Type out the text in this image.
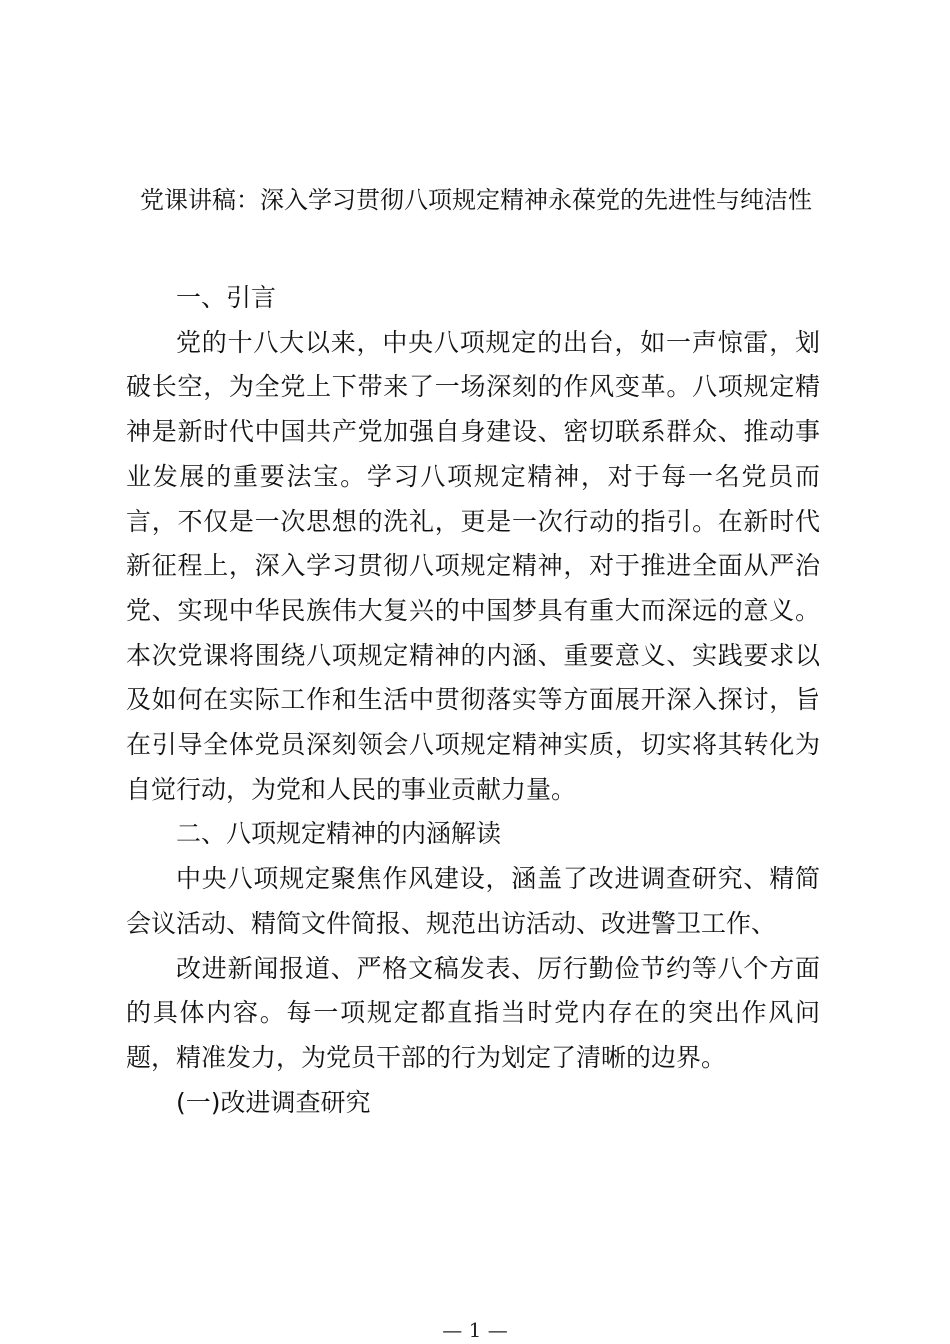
党课讲稿：深入学习贯彻八项规定精神永葆党的先进性与纯洁性

一、引言

党的十八大以来，中央八项规定的出台，如一声惊雷，划破长空，为全党上下带来了一场深刻的作风变革。八项规定精神是新时代中国共产党加强自身建设、密切联系群众、推动事业发展的重要法宝。学习八项规定精神，对于每一名党员而言，不仅是一次思想的洗礼，更是一次行动的指引。在新时代新征程上，深入学习贯彻八项规定精神，对于推进全面从严治党、实现中华民族伟大复兴的中国梦具有重大而深远的意义。本次党课将围绕八项规定精神的内涵、重要意义、实践要求以及如何在实际工作和生活中贯彻落实等方面展开深入探讨，旨在引导全体党员深刻领会八项规定精神实质，切实将其转化为自觉行动，为党和人民的事业贡献力量。

二、八项规定精神的内涵解读

中央八项规定聚焦作风建设，涵盖了改进调查研究、精简会议活动、精简文件简报、规范出访活动、改进警卫工作、

改进新闻报道、严格文稿发表、厉行勤俭节约等八个方面的具体内容。每一项规定都直指当时党内存在的突出作风问题，精准发力，为党员干部的行为划定了清晰的边界。

(一)改进调查研究

— 1 —
